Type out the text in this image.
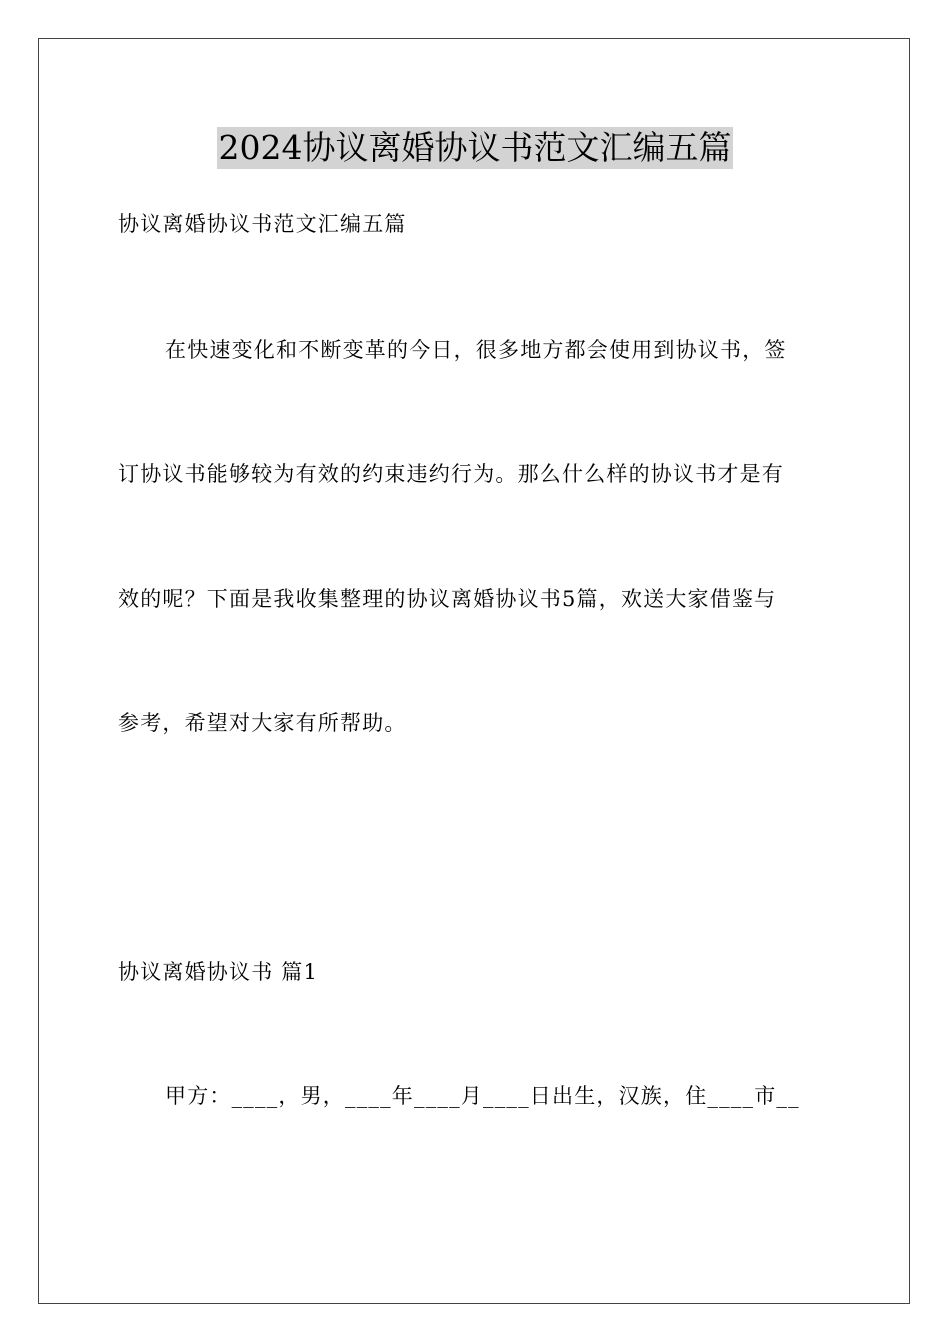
2024协议离婚协议书范文汇编五篇
协议离婚协议书范文汇编五篇
在快速变化和不断变革的今日，很多地方都会使用到协议书，签
订协议书能够较为有效的约束违约行为。那么什么样的协议书才是有
效的呢？下面是我收集整理的协议离婚协议书5篇，欢送大家借鉴与
参考，希望对大家有所帮助。
协议离婚协议书 篇1
甲方：____，男，____年____月____日出生，汉族，住____市__
